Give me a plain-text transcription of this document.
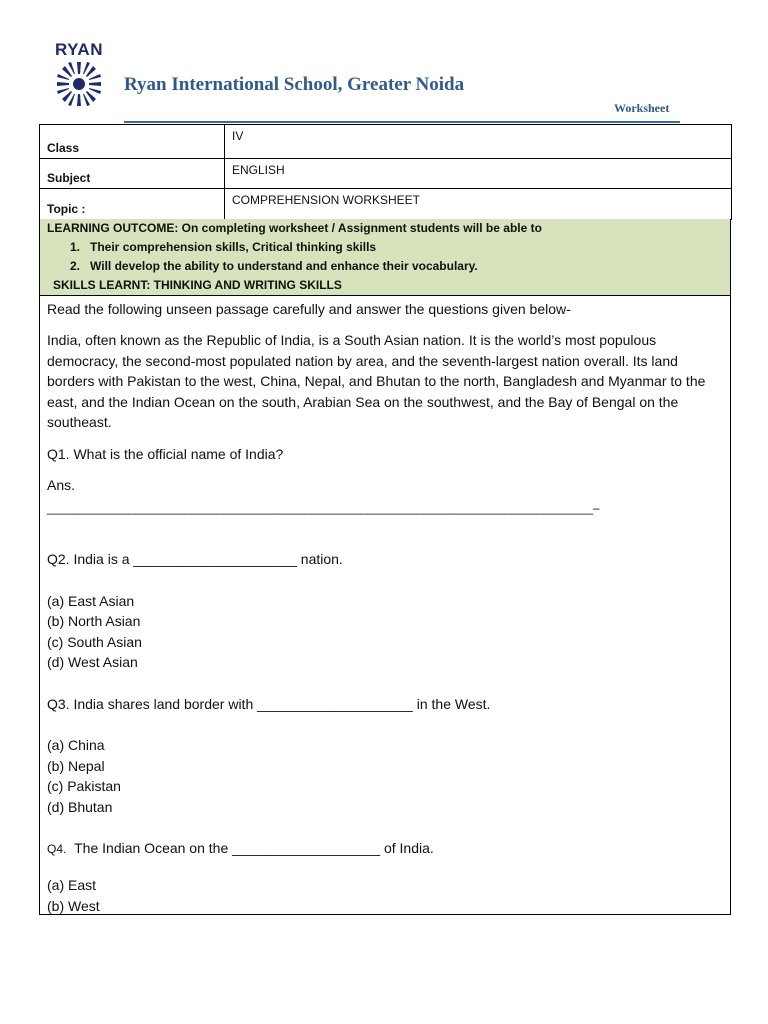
RYAN
Ryan International School, Greater Noida
Worksheet
Class	IV
Subject	ENGLISH
Topic :	COMPREHENSION WORKSHEET
LEARNING OUTCOME: On completing worksheet / Assignment students will be able to
1.   Their comprehension skills, Critical thinking skills
2.   Will develop the ability to understand and enhance their vocabulary.
SKILLS LEARNT: THINKING AND WRITING SKILLS
Read the following unseen passage carefully and answer the questions given below-
India, often known as the Republic of India, is a South Asian nation. It is the world’s most populous democracy, the second-most populated nation by area, and the seventh-largest nation overall. Its land borders with Pakistan to the west, China, Nepal, and Bhutan to the north, Bangladesh and Myanmar to the east, and the Indian Ocean on the south, Arabian Sea on the southwest, and the Bay of Bengal on the southeast.
Q1. What is the official name of India?
Ans.
_______________________________________________________________________________________–
Q2. India is a _____________________ nation.
(a) East Asian
(b) North Asian
(c) South Asian
(d) West Asian
Q3. India shares land border with ____________________ in the West.
(a) China
(b) Nepal
(c) Pakistan
(d) Bhutan
Q4. The Indian Ocean on the ___________________ of India.
(a) East
(b) West
